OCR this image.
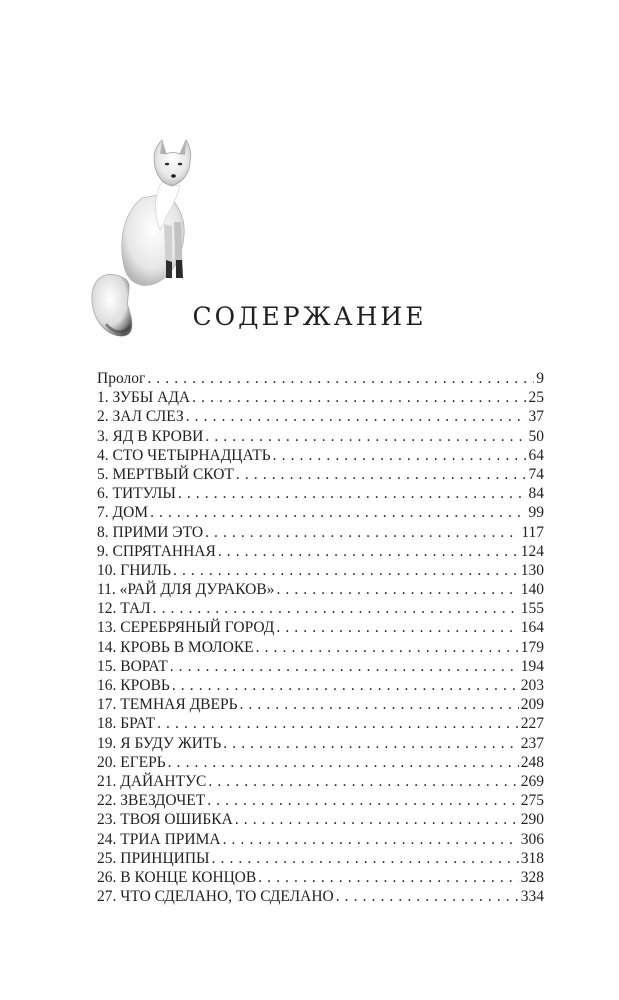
СОДЕРЖАНИЕ
Пролог . . .	9
1. ЗУБЫ АДА . . .	25
2. ЗАЛ СЛЕЗ . . .	37
3. ЯД В КРОВИ . . .	50
4. СТО ЧЕТЫРНАДЦАТЬ . . .	64
5. МЕРТВЫЙ СКОТ . . .	74
6. ТИТУЛЫ . . .	84
7. ДОМ . . .	99
8. ПРИМИ ЭТО . . .	117
9. СПРЯТАННАЯ . . .	124
10. ГНИЛЬ . . .	130
11. «РАЙ ДЛЯ ДУРАКОВ» . . .	140
12. ТАЛ . . .	155
13. СЕРЕБРЯНЫЙ ГОРОД . . .	164
14. КРОВЬ В МОЛОКЕ . . .	179
15. ВОРАТ . . .	194
16. КРОВЬ . . .	203
17. ТЕМНАЯ ДВЕРЬ . . .	209
18. БРАТ . . .	227
19. Я БУДУ ЖИТЬ . . .	237
20. ЕГЕРЬ . . .	248
21. ДАЙАНТУС . . .	269
22. ЗВЕЗДОЧЕТ . . .	275
23. ТВОЯ ОШИБКА . . .	290
24. ТРИА ПРИМА . . .	306
25. ПРИНЦИПЫ . . .	318
26. В КОНЦЕ КОНЦОВ . . .	328
27. ЧТО СДЕЛАНО, ТО СДЕЛАНО . . .	334
